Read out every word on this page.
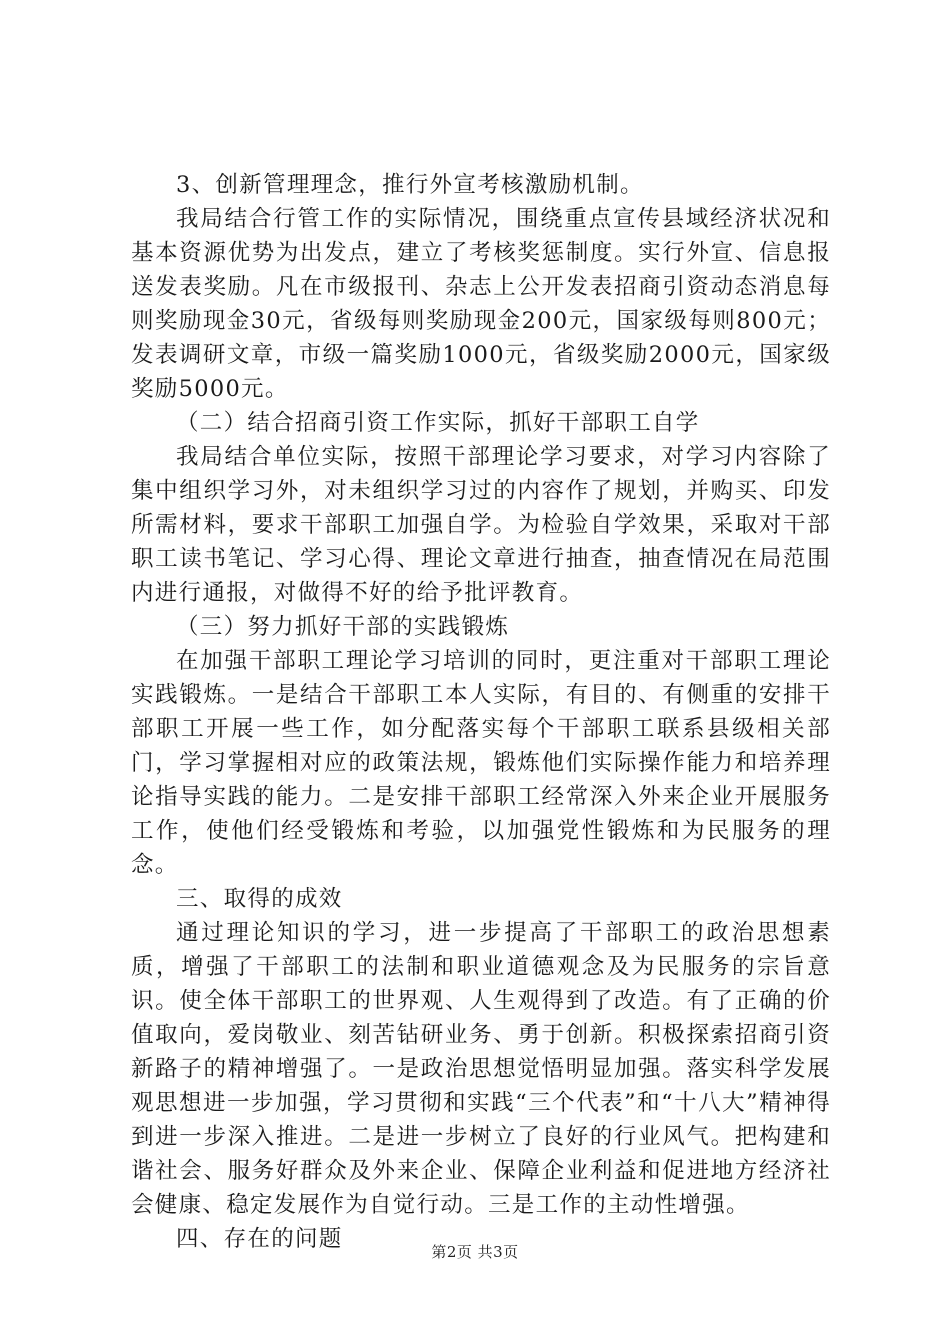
3、创新管理理念，推行外宣考核激励机制。

我局结合行管工作的实际情况，围绕重点宣传县域经济状况和基本资源优势为出发点，建立了考核奖惩制度。实行外宣、信息报送发表奖励。凡在市级报刊、杂志上公开发表招商引资动态消息每则奖励现金30元，省级每则奖励现金200元，国家级每则800元；发表调研文章，市级一篇奖励1000元，省级奖励2000元，国家级奖励5000元。

（二）结合招商引资工作实际，抓好干部职工自学

我局结合单位实际，按照干部理论学习要求，对学习内容除了集中组织学习外，对未组织学习过的内容作了规划，并购买、印发所需材料，要求干部职工加强自学。为检验自学效果，采取对干部职工读书笔记、学习心得、理论文章进行抽查，抽查情况在局范围内进行通报，对做得不好的给予批评教育。

（三）努力抓好干部的实践锻炼

在加强干部职工理论学习培训的同时，更注重对干部职工理论实践锻炼。一是结合干部职工本人实际，有目的、有侧重的安排干部职工开展一些工作，如分配落实每个干部职工联系县级相关部门，学习掌握相对应的政策法规，锻炼他们实际操作能力和培养理论指导实践的能力。二是安排干部职工经常深入外来企业开展服务工作，使他们经受锻炼和考验，以加强党性锻炼和为民服务的理念。

三、取得的成效

通过理论知识的学习，进一步提高了干部职工的政治思想素质，增强了干部职工的法制和职业道德观念及为民服务的宗旨意识。使全体干部职工的世界观、人生观得到了改造。有了正确的价值取向，爱岗敬业、刻苦钻研业务、勇于创新。积极探索招商引资新路子的精神增强了。一是政治思想觉悟明显加强。落实科学发展观思想进一步加强，学习贯彻和实践“三个代表”和“十八大”精神得到进一步深入推进。二是进一步树立了良好的行业风气。把构建和谐社会、服务好群众及外来企业、保障企业利益和促进地方经济社会健康、稳定发展作为自觉行动。三是工作的主动性增强。

四、存在的问题	第2页 共3页
